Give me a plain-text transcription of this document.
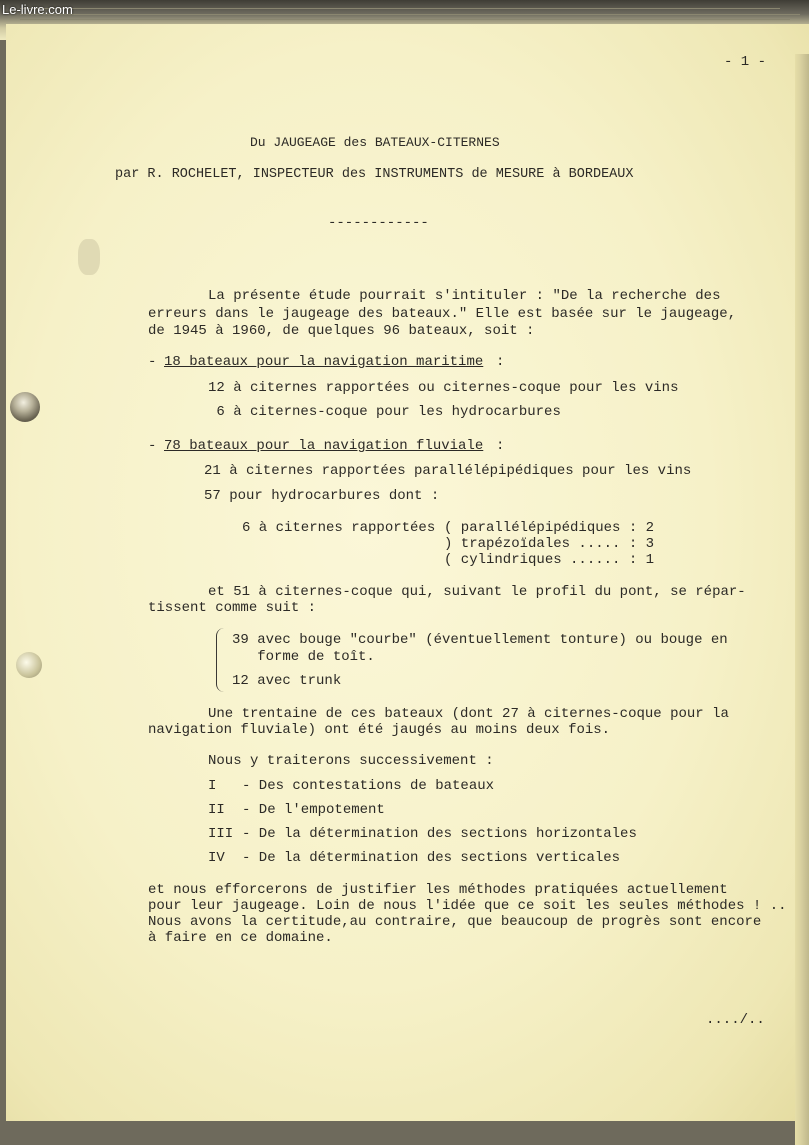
Le-livre.com
- 1 -
Du JAUGEAGE des BATEAUX-CITERNES
par R. ROCHELET, INSPECTEUR des INSTRUMENTS de MESURE à BORDEAUX
------------
La présente étude pourrait s'intituler : "De la recherche des
erreurs dans le jaugeage des bateaux." Elle est basée sur le jaugeage,
de 1945 à 1960, de quelques 96 bateaux, soit :
- 18 bateaux pour la navigation maritime :
12 à citernes rapportées ou citernes-coque pour les vins
6 à citernes-coque pour les hydrocarbures
- 78 bateaux pour la navigation fluviale :
21 à citernes rapportées parallélépipédiques pour les vins
57 pour hydrocarbures dont :
6 à citernes rapportées ( parallélépipédiques : 2
) trapézoïdales ..... : 3
( cylindriques ...... : 1
et 51 à citernes-coque qui, suivant le profil du pont, se répar-
tissent comme suit :
39 avec bouge "courbe" (éventuellement tonture) ou bouge en
forme de toît.
12 avec trunk
Une trentaine de ces bateaux (dont 27 à citernes-coque pour la
navigation fluviale) ont été jaugés au moins deux fois.
Nous y traiterons successivement :
I - Des contestations de bateaux
II - De l'empotement
III - De la détermination des sections horizontales
IV - De la détermination des sections verticales
et nous efforcerons de justifier les méthodes pratiquées actuellement
pour leur jaugeage. Loin de nous l'idée que ce soit les seules méthodes ! ..
Nous avons la certitude,au contraire, que beaucoup de progrès sont encore
à faire en ce domaine.
..../..
